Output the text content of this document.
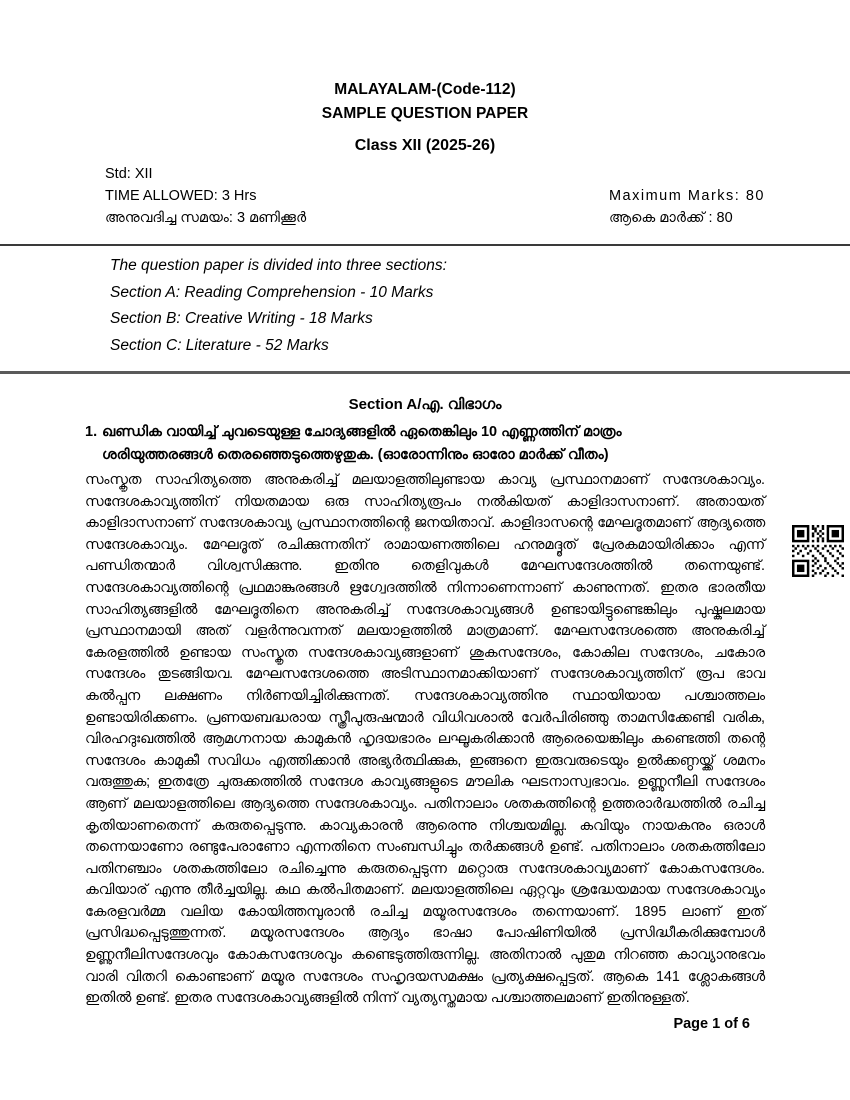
MALAYALAM-(Code-112)
SAMPLE QUESTION PAPER
Class XII (2025-26)
Std: XII
TIME ALLOWED: 3 Hrs
അനുവദിച്ച സമയം: 3 മണിക്കൂർ
Maximum Marks: 80
ആകെ മാർക്ക് : 80
The question paper is divided into three sections:
Section A: Reading Comprehension - 10 Marks
Section B: Creative Writing - 18 Marks
Section C: Literature - 52 Marks
Section A/എ. വിഭാഗം
1. ഖണ്ഡിക വായിച്ച് ചുവടെയുള്ള ചോദ്യങ്ങളിൽ ഏതെങ്കിലും 10 എണ്ണത്തിന് മാത്രം ശരിയുത്തരങ്ങൾ തെരഞ്ഞെടുത്തെഴുതുക. (ഓരോന്നിനും ഓരോ മാർക്ക് വീതം)
സംസ്കൃത സാഹിത്യത്തെ അനുകരിച്ച് മലയാളത്തിലുണ്ടായ കാവ്യ പ്രസ്ഥാനമാണ് സന്ദേശകാവ്യം. സന്ദേശകാവ്യത്തിന് നിയതമായ ഒരു സാഹിത്യരൂപം നൽകിയത് കാളിദാസനാണ്. അതായത് കാളിദാസനാണ് സന്ദേശകാവ്യ പ്രസ്ഥാനത്തിന്റെ ജനയിതാവ്. കാളിദാസന്റെ മേഘദൂതമാണ് ആദ്യത്തെ സന്ദേശകാവ്യം. മേഘദൂത് രചിക്കുന്നതിന് രാമായണത്തിലെ ഹനുമദ്ദൂത് പ്രേരകമായിരിക്കാം എന്ന് പണ്ഡിതന്മാർ വിശ്വസിക്കുന്നു. ഇതിനു തെളിവുകൾ മേഘസന്ദേശത്തിൽ തന്നെയുണ്ട്. സന്ദേശകാവ്യത്തിന്റെ പ്രഥമാങ്കുരങ്ങൾ ഋഗ്വേദത്തിൽ നിന്നാണെന്നാണ് കാണുന്നത്. ഇതര ഭാരതീയ സാഹിത്യങ്ങളിൽ മേഘദൂതിനെ അനുകരിച്ച് സന്ദേശകാവ്യങ്ങൾ ഉണ്ടായിട്ടുണ്ടെങ്കിലും പുഷ്കലമായ പ്രസ്ഥാനമായി അത് വളർന്നുവന്നത് മലയാളത്തിൽ മാത്രമാണ്. മേഘസന്ദേശത്തെ അനുകരിച്ച് കേരളത്തിൽ ഉണ്ടായ സംസ്കൃത സന്ദേശകാവ്യങ്ങളാണ് ശുകസന്ദേശം, കോകില സന്ദേശം, ചകോര സന്ദേശം തുടങ്ങിയവ. മേഘസന്ദേശത്തെ അടിസ്ഥാനമാക്കിയാണ് സന്ദേശകാവ്യത്തിന് രൂപ ഭാവ കൽപ്പന ലക്ഷണം നിർണയിച്ചിരിക്കുന്നത്. സന്ദേശകാവ്യത്തിനു സ്ഥായിയായ പശ്ചാത്തലം ഉണ്ടായിരിക്കണം. പ്രണയബദ്ധരായ സ്ത്രീപുരുഷന്മാർ വിധിവശാൽ വേർപിരിഞ്ഞു താമസിക്കേണ്ടി വരിക, വിരഹദുഃഖത്തിൽ ആമഗ്നനായ കാമുകൻ ഹൃദയഭാരം ലഘൂകരിക്കാൻ ആരെയെങ്കിലും കണ്ടെത്തി തന്റെ സന്ദേശം കാമുകീ സവിധം എത്തിക്കാൻ അഭ്യർത്ഥിക്കുക, ഇങ്ങനെ ഇരുവരുടെയും ഉൽക്കണ്ഠയ്ക്ക് ശമനം വരുത്തുക; ഇതത്രേ ചുരുക്കത്തിൽ സന്ദേശ കാവ്യങ്ങളുടെ മൗലിക ഘടനാസ്വഭാവം. ഉണ്ണുനീലി സന്ദേശം ആണ് മലയാളത്തിലെ ആദ്യത്തെ സന്ദേശകാവ്യം. പതിനാലാം ശതകത്തിന്റെ ഉത്തരാർദ്ധത്തിൽ രചിച്ച കൃതിയാണതെന്ന് കരുതപ്പെടുന്നു. കാവ്യകാരൻ ആരെന്നു നിശ്ചയമില്ല. കവിയും നായകനും ഒരാൾ തന്നെയാണോ രണ്ടുപേരാണോ എന്നതിനെ സംബന്ധിച്ചും തർക്കങ്ങൾ ഉണ്ട്. പതിനാലാം ശതകത്തിലോ പതിനഞ്ചാം ശതകത്തിലോ രചിച്ചെന്നു കരുതപ്പെടുന്ന മറ്റൊരു സന്ദേശകാവ്യമാണ് കോകസന്ദേശം. കവിയാര് എന്നു തീർച്ചയില്ല. കഥ കൽപിതമാണ്. മലയാളത്തിലെ ഏറ്റവും ശ്രദ്ധേയമായ സന്ദേശകാവ്യം കേരളവർമ്മ വലിയ കോയിത്തമ്പുരാൻ രചിച്ച മയൂരസന്ദേശം തന്നെയാണ്. 1895 ലാണ് ഇത് പ്രസിദ്ധപ്പെടുത്തുന്നത്. മയൂരസന്ദേശം ആദ്യം ഭാഷാ പോഷിണിയിൽ പ്രസിദ്ധീകരിക്കുമ്പോൾ ഉണ്ണുനീലിസന്ദേശവും കോകസന്ദേശവും കണ്ടെടുത്തിരുന്നില്ല. അതിനാൽ പുതുമ നിറഞ്ഞ കാവ്യാനുഭവം വാരി വിതറി കൊണ്ടാണ് മയൂര സന്ദേശം സഹൃദയസമക്ഷം പ്രത്യക്ഷപ്പെട്ടത്. ആകെ 141 ശ്ലോകങ്ങൾ ഇതിൽ ഉണ്ട്. ഇതര സന്ദേശകാവ്യങ്ങളിൽ നിന്ന് വ്യത്യസ്തമായ പശ്ചാത്തലമാണ് ഇതിനുള്ളത്.
Page 1 of 6
